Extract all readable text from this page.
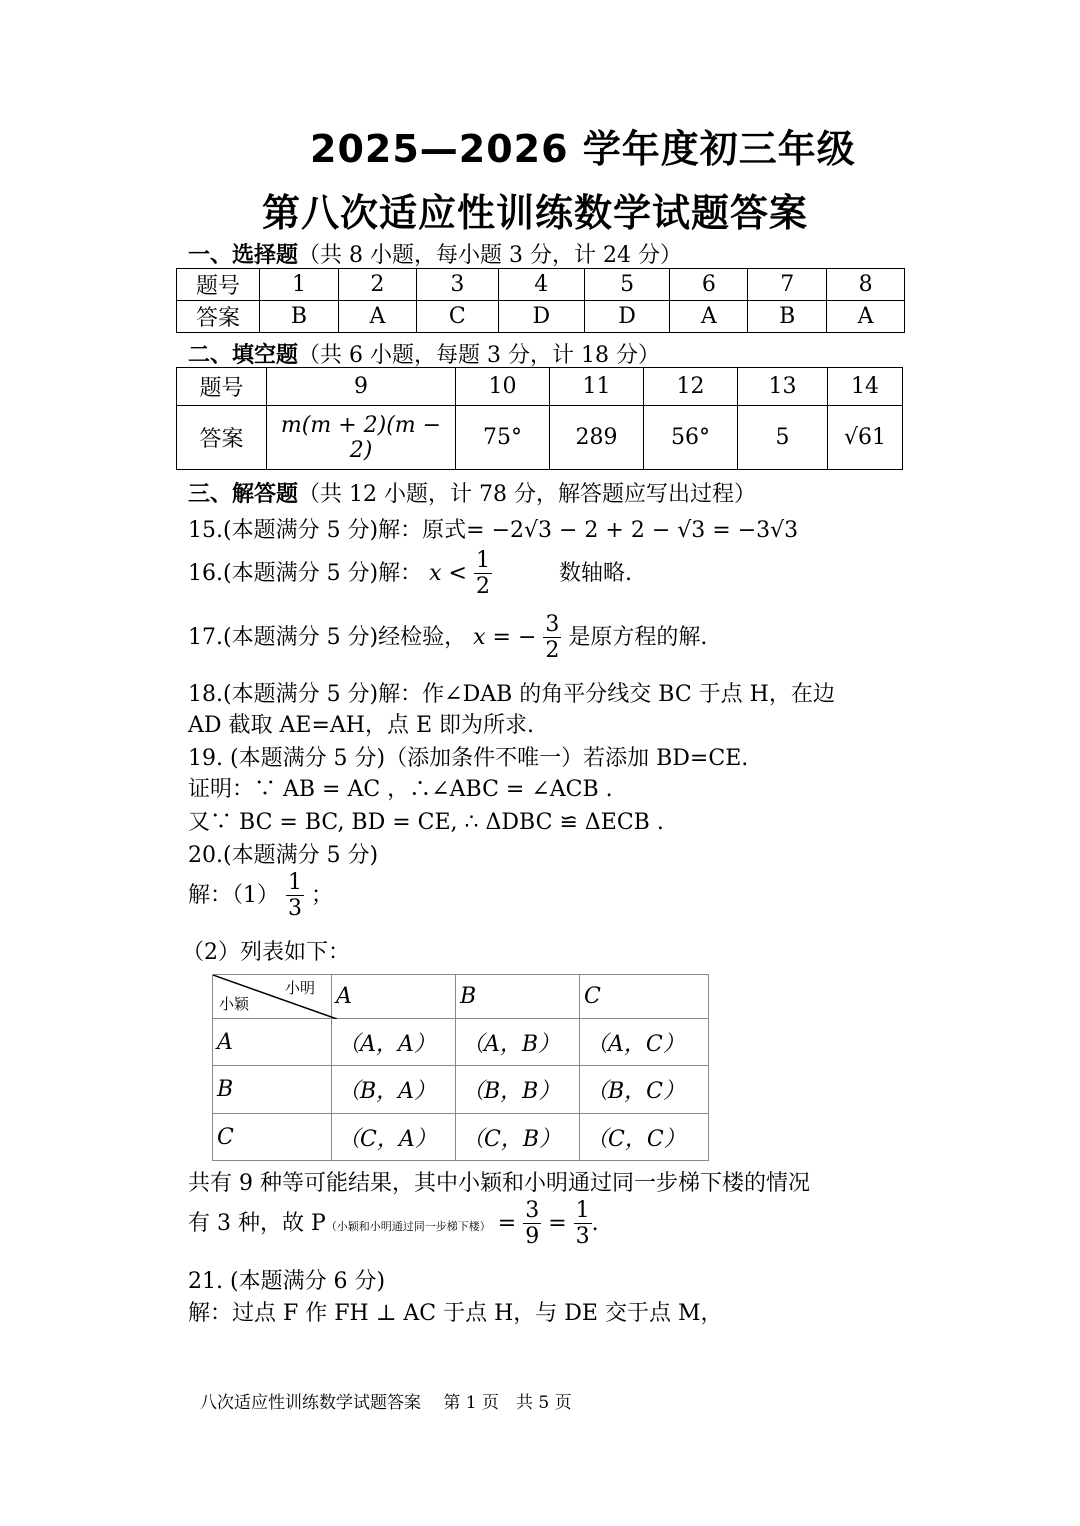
2025—2026 学年度初三年级
第八次适应性训练数学试题答案
一、选择题（共 8 小题，每小题 3 分，计 24 分）
题号	1	2	3	4	5	6	7	8
答案	B	A	C	D	D	A	B	A
二、填空题（共 6 小题，每题 3 分，计 18 分）
题号	9	10	11	12	13	14
答案	m(m + 2)(m − 2)	75°	289	56°	5	√61
三、解答题（共 12 小题，计 78 分，解答题应写出过程）
15.(本题满分 5 分)解：原式= −2√3 − 2 + 2 − √3 = −3√3
16.(本题满分 5 分)解： $x < \frac{1}{2}$	数轴略.
17.(本题满分 5 分)经检验， x = − $\frac{3}{2}$ 是原方程的解.
18.(本题满分 5 分)解：作∠DAB 的角平分线交 BC 于点 H，在边
AD 截取 AE=AH，点 E 即为所求.
19. (本题满分 5 分)（添加条件不唯一）若添加 BD=CE.
证明：∵ AB = AC ，∴∠ABC = ∠ACB .
又∵ BC = BC, BD = CE, ∴ ΔDBC ≌ ΔECB .
20.(本题满分 5 分)
解：$(1) \frac{1}{3}$ ；
（2）列表如下：
小明
小颖	A	B	C
A	（A，A）	（A，B）	（A，C）
B	（B，A）	（B，B）	（B，C）
C	（C，A）	（C，B）	（C，C）
共有 9 种等可能结果，其中小颖和小明通过同一步梯下楼的情况
有 3 种，故 P（小颖和小明通过同一步梯下楼） = $\frac{3}{9} = \frac{1}{3}$ .
21. (本题满分 6 分)
解：过点 F 作 FH ⊥ AC 于点 H，与 DE 交于点 M，
八次适应性训练数学试题答案　 第 1 页　共 5 页
